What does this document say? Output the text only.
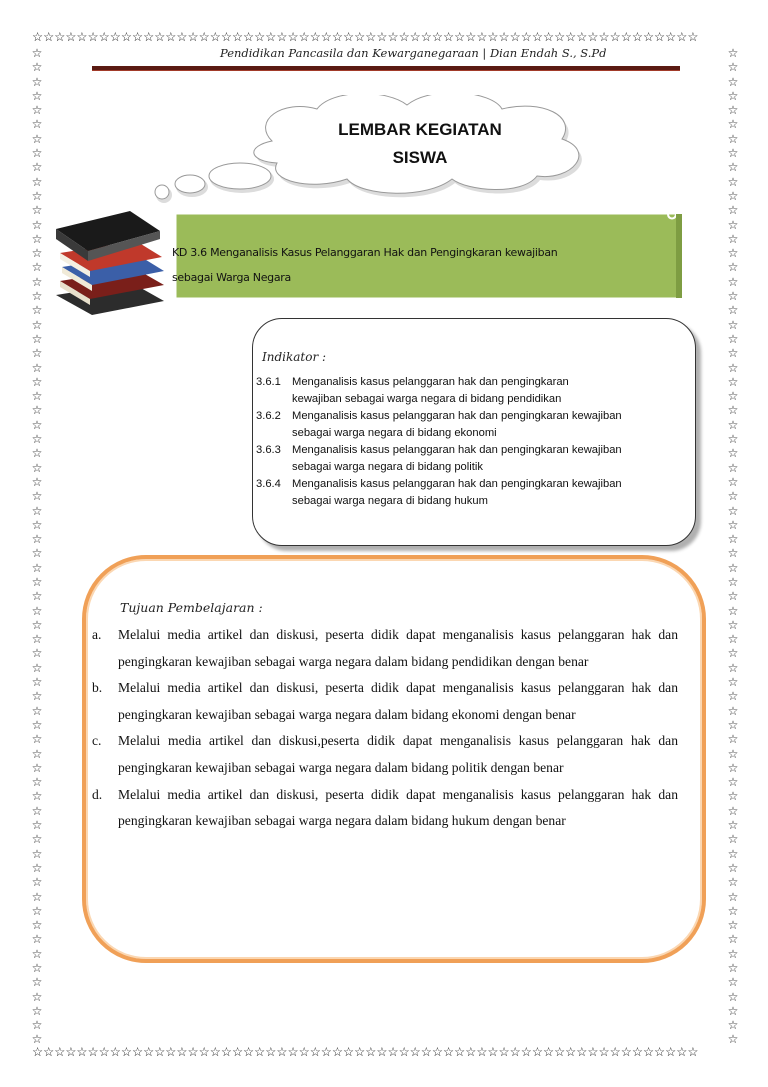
☆☆☆☆☆☆☆☆☆☆☆☆☆☆☆☆☆☆☆☆☆☆☆☆☆☆☆☆☆☆☆☆☆☆☆☆☆☆☆☆☆☆☆☆☆☆☆☆☆☆☆☆☆☆☆☆☆☆☆☆
☆☆☆☆☆☆☆☆☆☆☆☆☆☆☆☆☆☆☆☆☆☆☆☆☆☆☆☆☆☆☆☆☆☆☆☆☆☆☆☆☆☆☆☆☆☆☆☆☆☆☆☆☆☆☆☆☆☆☆☆
☆☆☆☆☆☆☆☆☆☆☆☆☆☆☆☆☆☆☆☆☆☆☆☆☆☆☆☆☆☆☆☆☆☆☆☆☆☆☆☆☆☆☆☆☆☆☆☆☆☆☆☆☆☆☆☆☆☆☆☆☆☆☆☆☆☆☆☆☆☆
☆☆☆☆☆☆☆☆☆☆☆☆☆☆☆☆☆☆☆☆☆☆☆☆☆☆☆☆☆☆☆☆☆☆☆☆☆☆☆☆☆☆☆☆☆☆☆☆☆☆☆☆☆☆☆☆☆☆☆☆☆☆☆☆☆☆☆☆☆☆
Pendidikan Pancasila dan Kewarganegaraan | Dian Endah S., S.Pd
LEMBAR KEGIATAN
SISWA
KD 3.6 Menganalisis Kasus Pelanggaran Hak dan Pengingkaran kewajiban
sebagai Warga Negara
Indikator :
3.6.1 Menganalisis kasus pelanggaran hak dan pengingkaran
kewajiban sebagai warga negara di bidang pendidikan
3.6.2 Menganalisis kasus pelanggaran hak dan pengingkaran kewajiban
sebagai warga negara di bidang ekonomi
3.6.3 Menganalisis kasus pelanggaran hak dan pengingkaran kewajiban
sebagai warga negara di bidang politik
3.6.4 Menganalisis kasus pelanggaran hak dan pengingkaran kewajiban
sebagai warga negara di bidang hukum
Tujuan Pembelajaran :
a.	Melalui media artikel dan diskusi, peserta didik dapat menganalisis kasus pelanggaran hak dan pengingkaran kewajiban sebagai warga negara dalam bidang pendidikan dengan benar
b.	Melalui media artikel dan diskusi, peserta didik dapat menganalisis kasus pelanggaran hak dan pengingkaran kewajiban sebagai warga negara dalam bidang ekonomi dengan benar
c.	Melalui media artikel dan diskusi,peserta didik dapat menganalisis kasus pelanggaran hak dan pengingkaran kewajiban sebagai warga negara dalam bidang politik dengan benar
d.	Melalui media artikel dan diskusi, peserta didik dapat menganalisis kasus pelanggaran hak dan pengingkaran kewajiban sebagai warga negara dalam bidang hukum dengan benar
